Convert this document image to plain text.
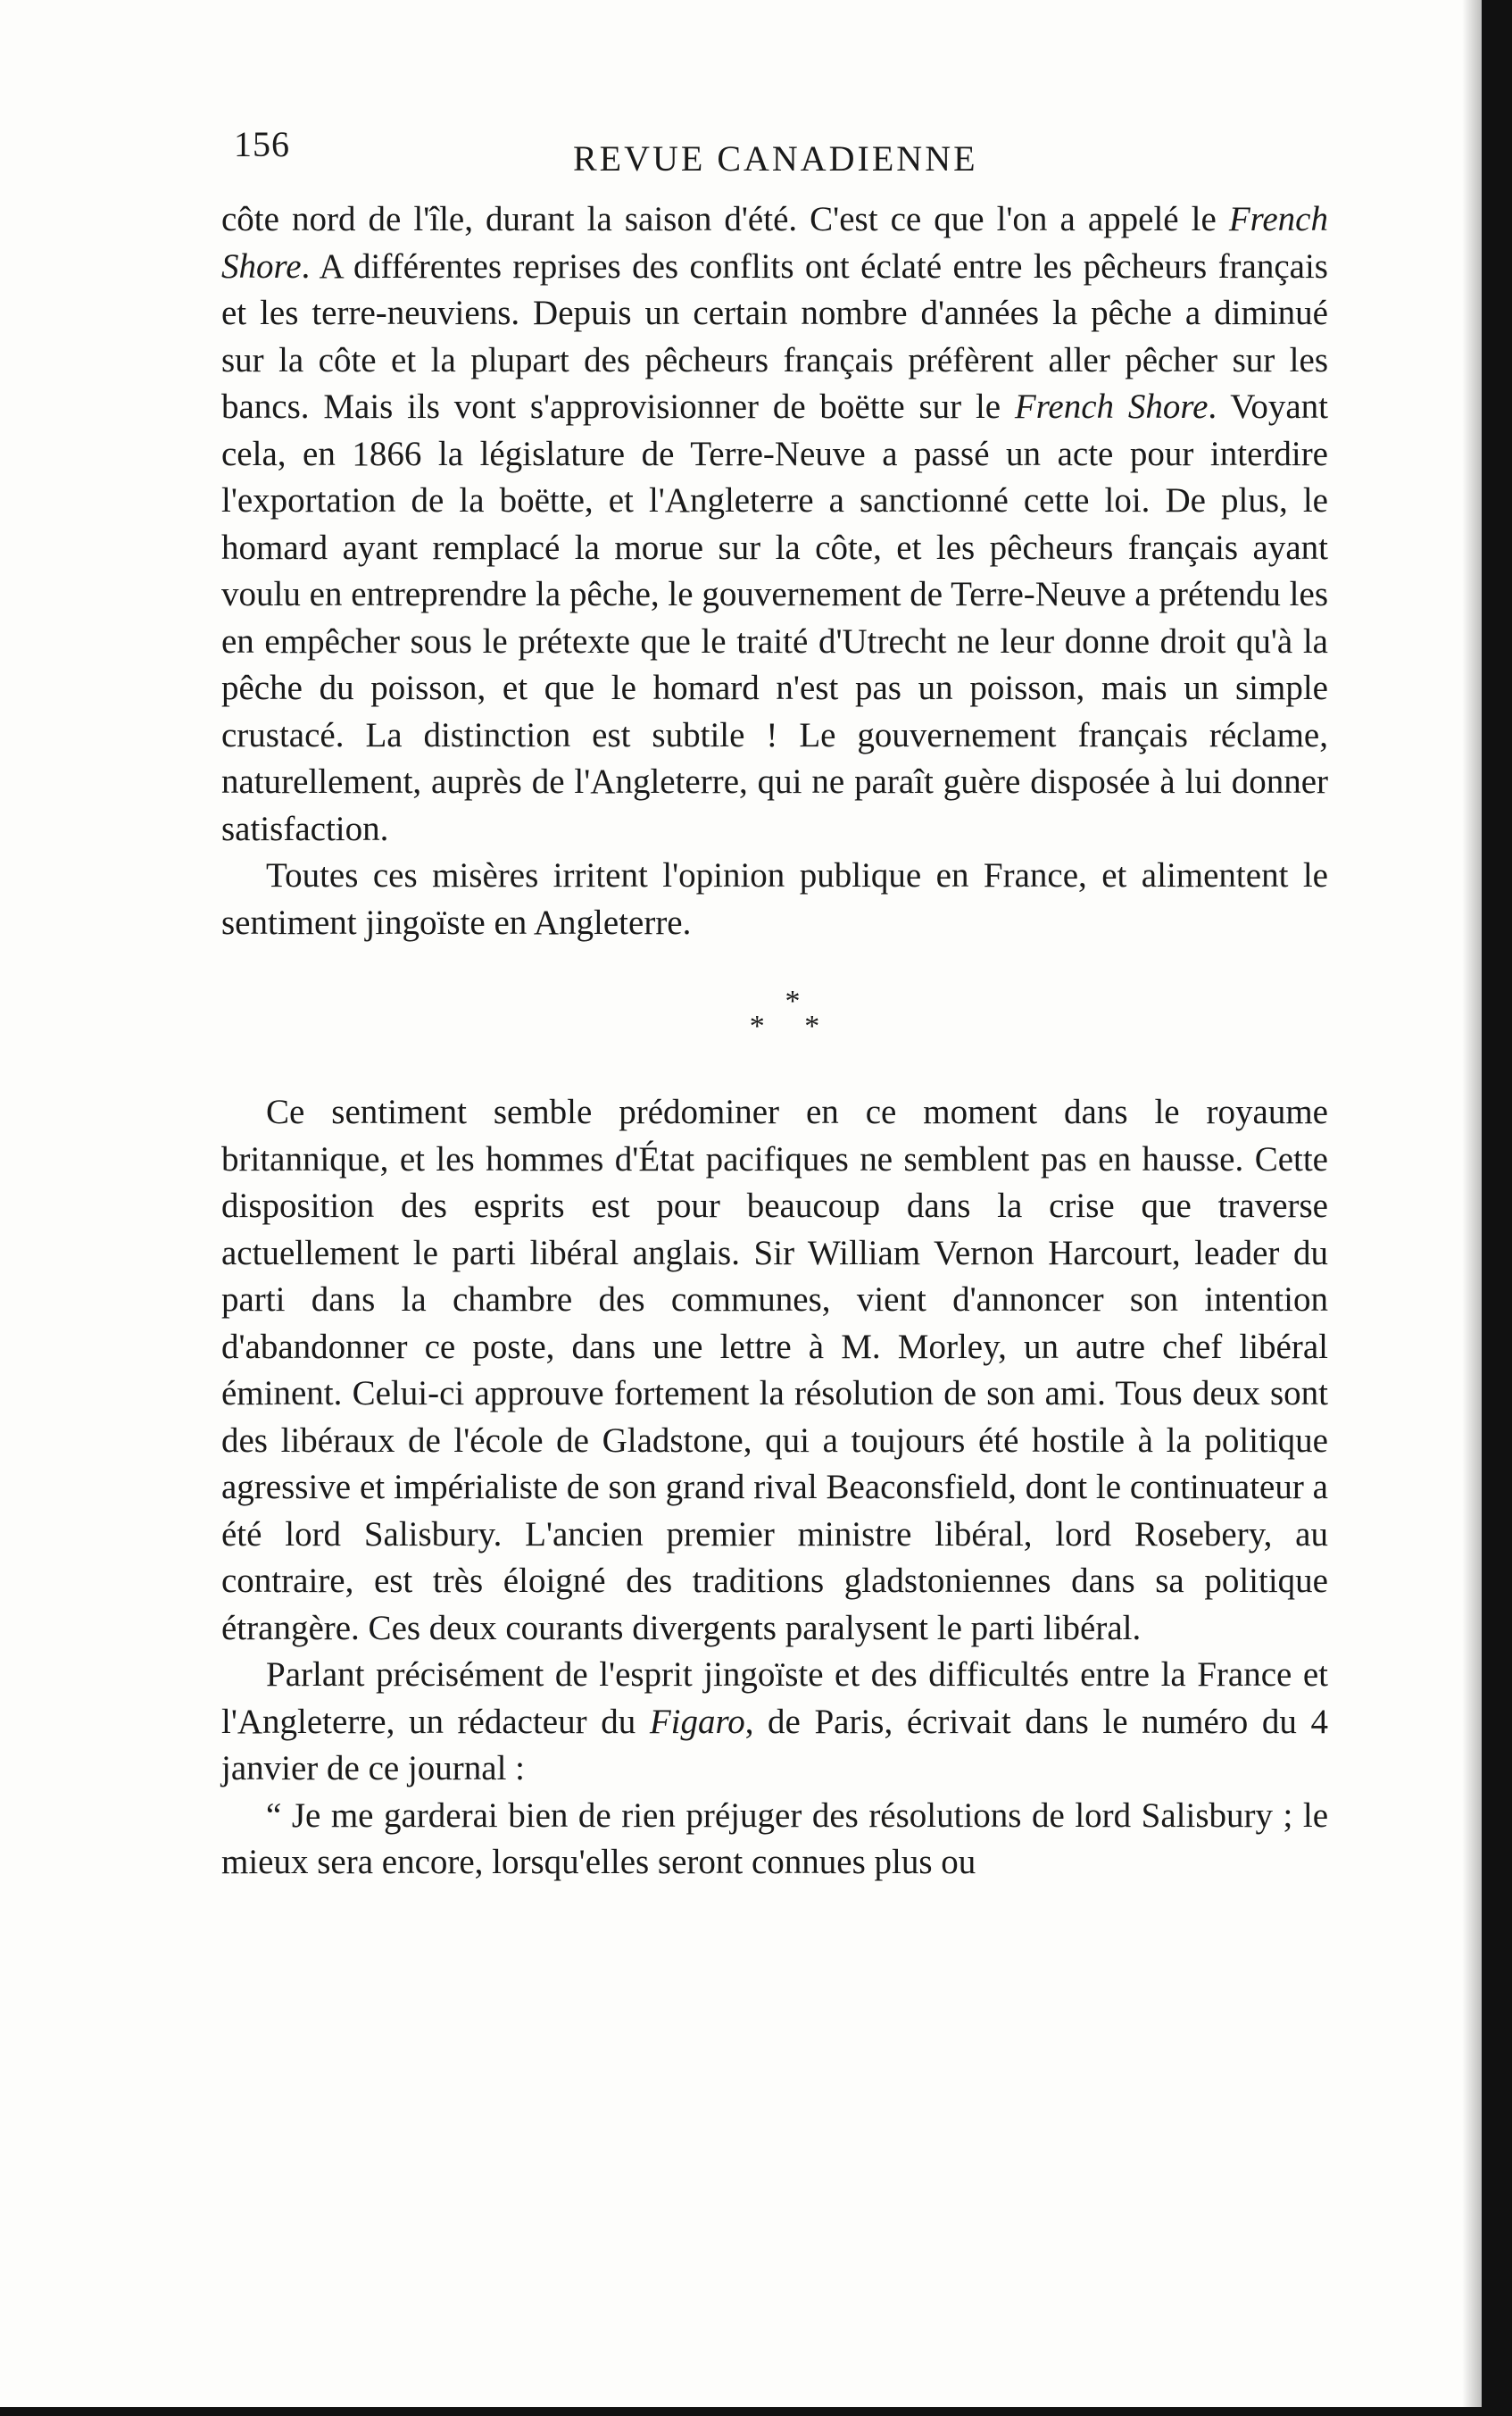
156	REVUE CANADIENNE

côte nord de l'île, durant la saison d'été. C'est ce que l'on a appelé le French Shore. A différentes reprises des conflits ont éclaté entre les pêcheurs français et les terre-neuviens. Depuis un certain nombre d'années la pêche a diminué sur la côte et la plupart des pêcheurs français préfèrent aller pêcher sur les bancs. Mais ils vont s'approvisionner de boëtte sur le French Shore. Voyant cela, en 1866 la législature de Terre-Neuve a passé un acte pour interdire l'exportation de la boëtte, et l'Angleterre a sanctionné cette loi. De plus, le homard ayant remplacé la morue sur la côte, et les pêcheurs français ayant voulu en entreprendre la pêche, le gouvernement de Terre-Neuve a prétendu les en empêcher sous le prétexte que le traité d'Utrecht ne leur donne droit qu'à la pêche du poisson, et que le homard n'est pas un poisson, mais un simple crustacé. La distinction est subtile ! Le gouvernement français réclame, naturellement, auprès de l'Angleterre, qui ne paraît guère disposée à lui donner satisfaction.

Toutes ces misères irritent l'opinion publique en France, et alimentent le sentiment jingoïste en Angleterre.

*
* *

Ce sentiment semble prédominer en ce moment dans le royaume britannique, et les hommes d'État pacifiques ne semblent pas en hausse. Cette disposition des esprits est pour beaucoup dans la crise que traverse actuellement le parti libéral anglais. Sir William Vernon Harcourt, leader du parti dans la chambre des communes, vient d'annoncer son intention d'abandonner ce poste, dans une lettre à M. Morley, un autre chef libéral éminent. Celui-ci approuve fortement la résolution de son ami. Tous deux sont des libéraux de l'école de Gladstone, qui a toujours été hostile à la politique agressive et impérialiste de son grand rival Beaconsfield, dont le continuateur a été lord Salisbury. L'ancien premier ministre libéral, lord Rosebery, au contraire, est très éloigné des traditions gladstoniennes dans sa politique étrangère. Ces deux courants divergents paralysent le parti libéral.

Parlant précisément de l'esprit jingoïste et des difficultés entre la France et l'Angleterre, un rédacteur du Figaro, de Paris, écrivait dans le numéro du 4 janvier de ce journal :

“ Je me garderai bien de rien préjuger des résolutions de lord Salisbury ; le mieux sera encore, lorsqu'elles seront connues plus ou
